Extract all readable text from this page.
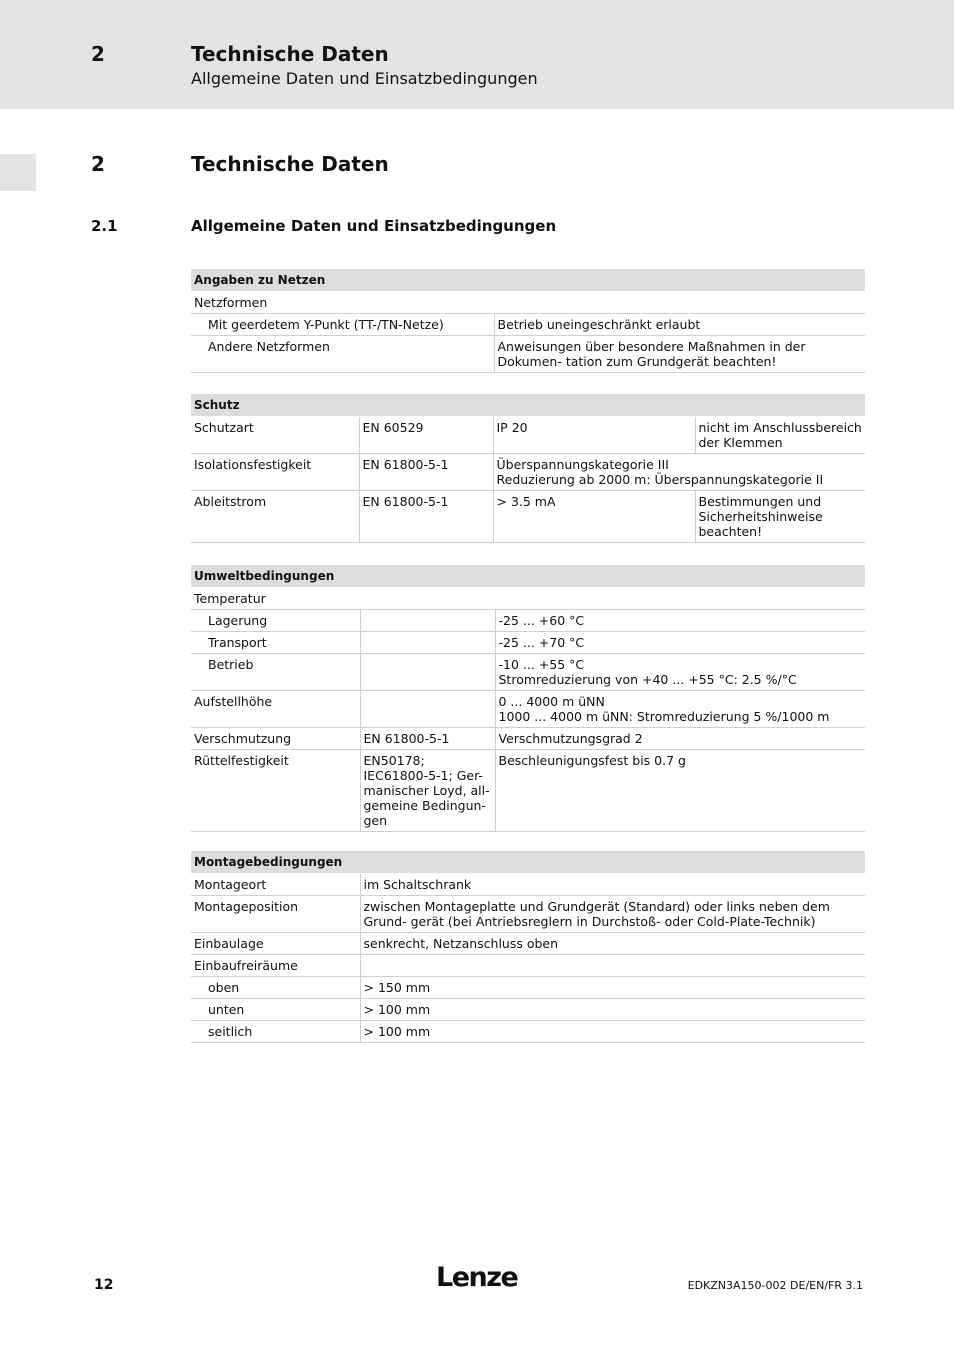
2	Technische Daten
Allgemeine Daten und Einsatzbedingungen
2	Technische Daten
2.1	Allgemeine Daten und Einsatzbedingungen
Angaben zu Netzen	
Netzformen	
Mit geerdetem Y-Punkt (TT-/TN-Netze)	Betrieb uneingeschränkt erlaubt
Andere Netzformen	Anweisungen über besondere Maßnahmen in der Dokumen- tation zum Grundgerät beachten!
Schutz			
Schutzart	EN 60529	IP 20	nicht im Anschlussbereich der Klemmen
Isolationsfestigkeit	EN 61800-5-1	Überspannungskategorie III
Reduzierung ab 2000 m: Überspannungskategorie II	

Ableitstrom	EN 61800-5-1	> 3.5 mA	Bestimmungen und Sicherheitshinweise beachten!
Umweltbedingungen		
Temperatur		
Lagerung		-25 ... +60 °C
Transport		-25 ... +70 °C
Betrieb		-10 ... +55 °C
Stromreduzierung von +40 ... +55 °C: 2.5 %/°C

Aufstellhöhe		0 ... 4000 m üNN
1000 ... 4000 m üNN: Stromreduzierung 5 %/1000 m

Verschmutzung	EN 61800-5-1	Verschmutzungsgrad 2
Rüttelfestigkeit	EN50178; IEC61800-5-1; Ger- manischer Loyd, all- gemeine Bedingun- gen	Beschleunigungsfest bis 0.7 g
Montagebedingungen	
Montageort	im Schaltschrank
Montageposition	zwischen Montageplatte und Grundgerät (Standard) oder links neben dem Grund- gerät (bei Antriebsreglern in Durchstoß- oder Cold-Plate-Technik)
Einbaulage	senkrecht, Netzanschluss oben
Einbaufreiräume	
oben	> 150 mm
unten	> 100 mm
seitlich	> 100 mm
12	Lenze	EDKZN3A150-002 DE/EN/FR 3.1
